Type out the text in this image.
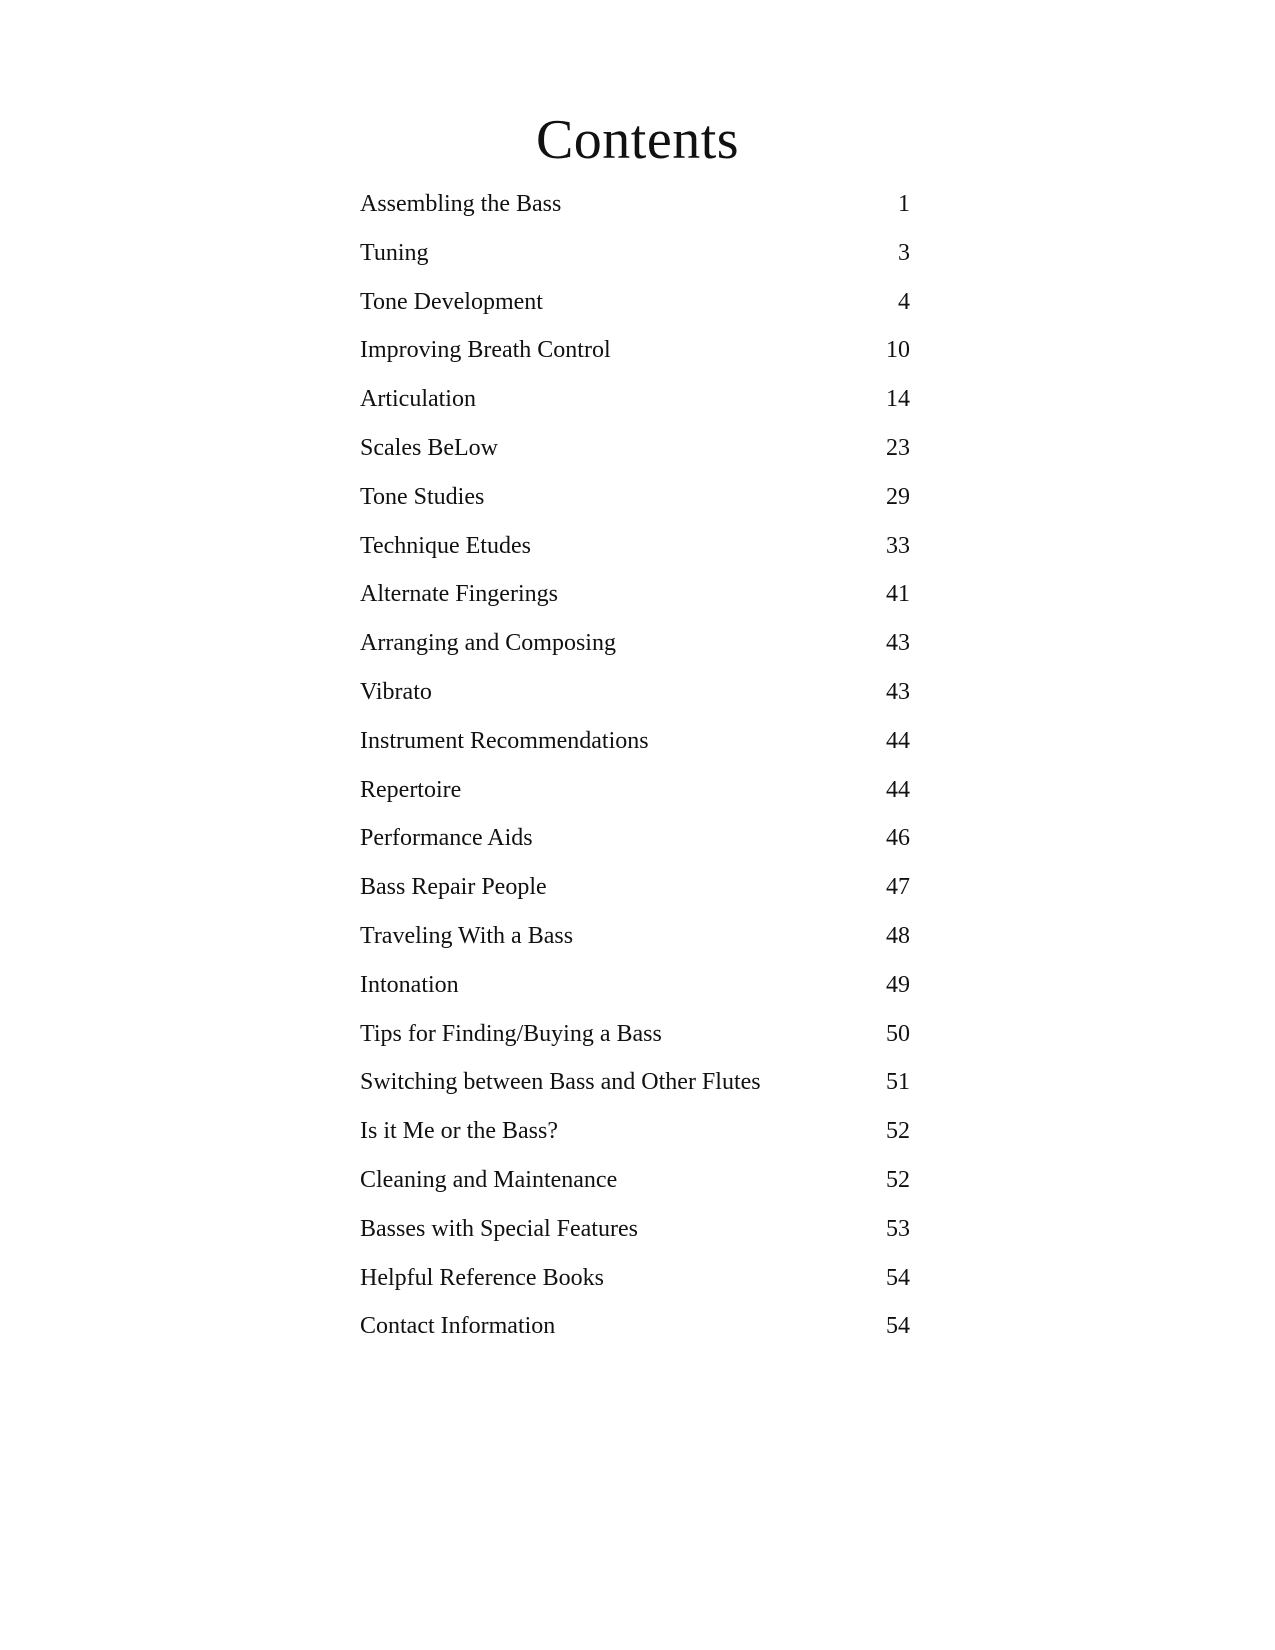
Contents
Assembling the Bass	1
Tuning	3
Tone Development	4
Improving Breath Control	10
Articulation	14
Scales BeLow	23
Tone Studies	29
Technique Etudes	33
Alternate Fingerings	41
Arranging and Composing	43
Vibrato	43
Instrument Recommendations	44
Repertoire	44
Performance Aids	46
Bass Repair People	47
Traveling With a Bass	48
Intonation	49
Tips for Finding/Buying a Bass	50
Switching between Bass and Other Flutes	51
Is it Me or the Bass?	52
Cleaning and Maintenance	52
Basses with Special Features	53
Helpful Reference Books	54
Contact Information	54
